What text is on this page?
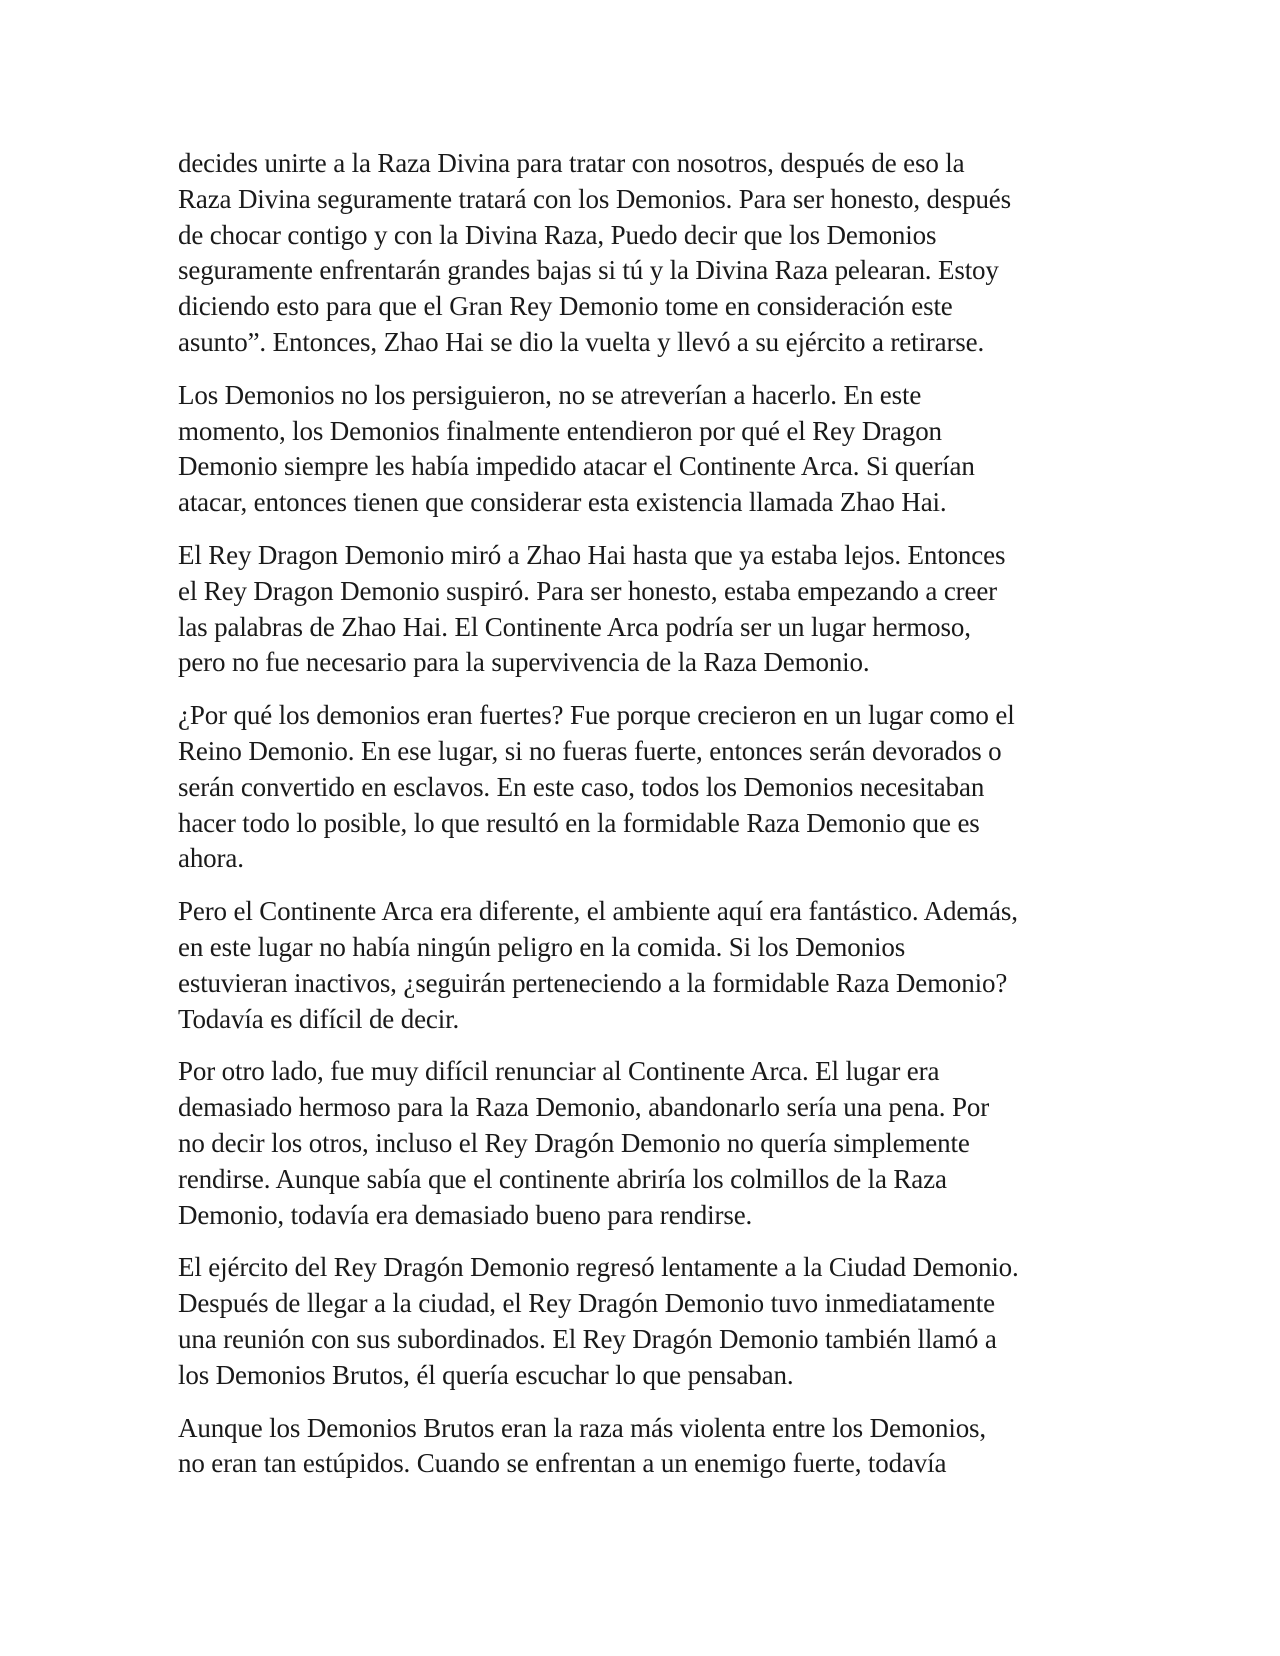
decides unirte a la Raza Divina para tratar con nosotros, después de eso la
Raza Divina seguramente tratará con los Demonios. Para ser honesto, después
de chocar contigo y con la Divina Raza, Puedo decir que los Demonios
seguramente enfrentarán grandes bajas si tú y la Divina Raza pelearan. Estoy
diciendo esto para que el Gran Rey Demonio tome en consideración este
asunto”. Entonces, Zhao Hai se dio la vuelta y llevó a su ejército a retirarse.

Los Demonios no los persiguieron, no se atreverían a hacerlo. En este
momento, los Demonios finalmente entendieron por qué el Rey Dragon
Demonio siempre les había impedido atacar el Continente Arca. Si querían
atacar, entonces tienen que considerar esta existencia llamada Zhao Hai.

El Rey Dragon Demonio miró a Zhao Hai hasta que ya estaba lejos. Entonces
el Rey Dragon Demonio suspiró. Para ser honesto, estaba empezando a creer
las palabras de Zhao Hai. El Continente Arca podría ser un lugar hermoso,
pero no fue necesario para la supervivencia de la Raza Demonio.

¿Por qué los demonios eran fuertes? Fue porque crecieron en un lugar como el
Reino Demonio. En ese lugar, si no fueras fuerte, entonces serán devorados o
serán convertido en esclavos. En este caso, todos los Demonios necesitaban
hacer todo lo posible, lo que resultó en la formidable Raza Demonio que es
ahora.

Pero el Continente Arca era diferente, el ambiente aquí era fantástico. Además,
en este lugar no había ningún peligro en la comida. Si los Demonios
estuvieran inactivos, ¿seguirán perteneciendo a la formidable Raza Demonio?
Todavía es difícil de decir.

Por otro lado, fue muy difícil renunciar al Continente Arca. El lugar era
demasiado hermoso para la Raza Demonio, abandonarlo sería una pena. Por
no decir los otros, incluso el Rey Dragón Demonio no quería simplemente
rendirse. Aunque sabía que el continente abriría los colmillos de la Raza
Demonio, todavía era demasiado bueno para rendirse.

El ejército del Rey Dragón Demonio regresó lentamente a la Ciudad Demonio.
Después de llegar a la ciudad, el Rey Dragón Demonio tuvo inmediatamente
una reunión con sus subordinados. El Rey Dragón Demonio también llamó a
los Demonios Brutos, él quería escuchar lo que pensaban.

Aunque los Demonios Brutos eran la raza más violenta entre los Demonios,
no eran tan estúpidos. Cuando se enfrentan a un enemigo fuerte, todavía
